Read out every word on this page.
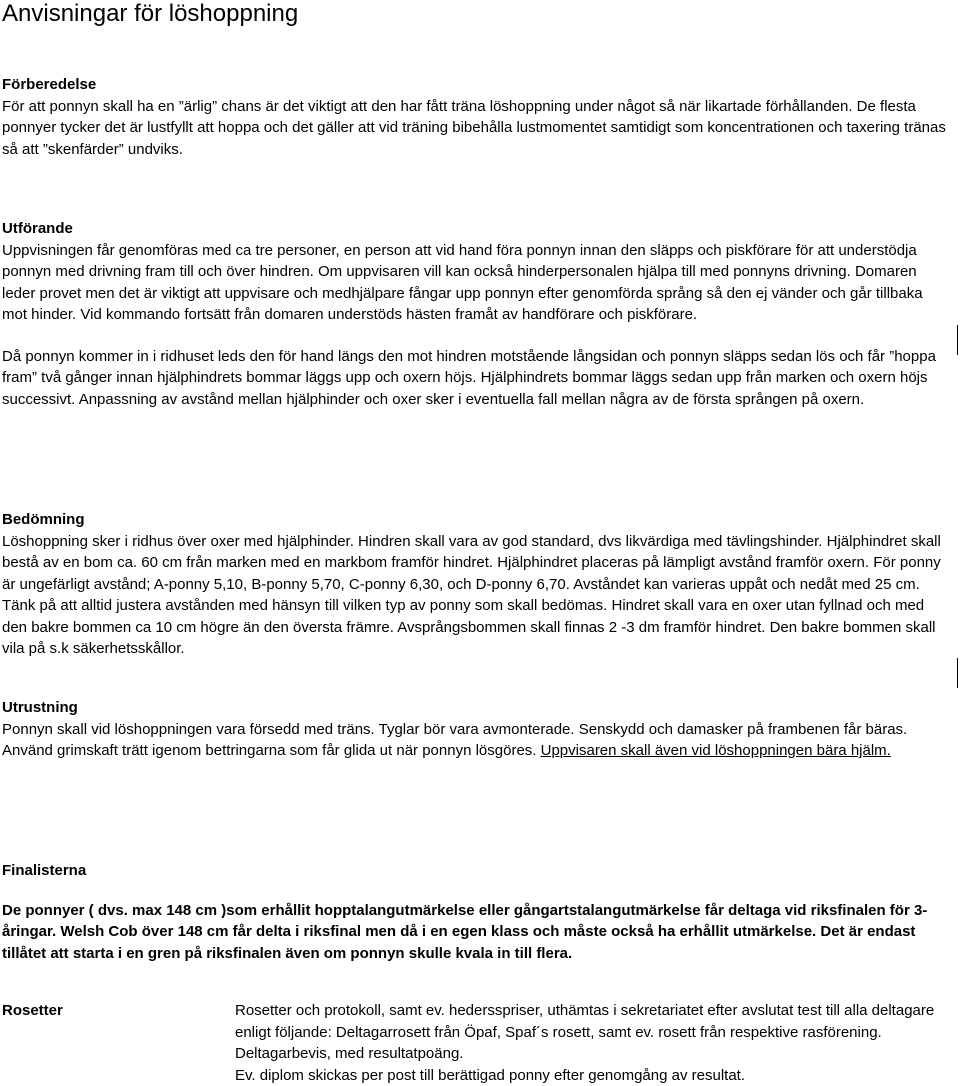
Anvisningar för löshoppning
Förberedelse

För att ponnyn skall ha en ”ärlig” chans är det viktigt att den har fått träna löshoppning under något så när likartade förhållanden. De flesta ponnyer tycker det är lustfyllt att hoppa och det gäller att vid träning bibehålla lustmomentet samtidigt som koncentrationen och taxering tränas så att ”skenfärder” undviks.

Utförande

Uppvisningen får genomföras med ca tre personer, en person att vid hand föra ponnyn innan den släpps och piskförare för att understödja ponnyn med drivning fram till och över hindren. Om uppvisaren vill kan också hinderpersonalen hjälpa till med ponnyns drivning. Domaren leder provet men det är viktigt att uppvisare och medhjälpare fångar upp ponnyn efter genomförda språng så den ej vänder och går tillbaka mot hinder. Vid kommando fortsätt från domaren understöds hästen framåt av handförare och piskförare.

Då ponnyn kommer in i ridhuset leds den för hand längs den mot hindren motstående långsidan och ponnyn släpps sedan lös och får ”hoppa fram” två gånger innan hjälphindrets bommar läggs upp och oxern höjs. Hjälphindrets bommar läggs sedan upp från marken och oxern höjs successivt. Anpassning av avstånd mellan hjälphinder och oxer sker i eventuella fall mellan några av de första sprången på oxern.

Bedömning

Löshoppning sker i ridhus över oxer med hjälphinder. Hindren skall vara av god standard, dvs likvärdiga med tävlingshinder. Hjälphindret skall bestå av en bom ca. 60 cm från marken med en markbom framför hindret. Hjälphindret placeras på lämpligt avstånd framför oxern. För ponny är ungefärligt avstånd; A-ponny 5,10, B-ponny 5,70, C-ponny 6,30, och D-ponny 6,70. Avståndet kan varieras uppåt och nedåt med 25 cm. Tänk på att alltid justera avstånden med hänsyn till vilken typ av ponny som skall bedömas. Hindret skall vara en oxer utan fyllnad och med den bakre bommen ca 10 cm högre än den översta främre. Avsprångsbommen skall finnas 2 -3 dm framför hindret. Den bakre bommen skall vila på s.k säkerhetsskållor.

Utrustning

Ponnyn skall vid löshoppningen vara försedd med träns. Tyglar bör vara avmonterade. Senskydd och damasker på frambenen får bäras. Använd grimskaft trätt igenom bettringarna som får glida ut när ponnyn lösgöres. Uppvisaren skall även vid löshoppningen bära hjälm.

Finalisterna

De ponnyer ( dvs. max 148 cm )som erhållit hopptalangutmärkelse eller gångartstalangutmärkelse får deltaga vid riksfinalen för 3-åringar. Welsh Cob över 148 cm får delta i riksfinal men då i en egen klass och måste också ha erhållit utmärkelse. Det är endast tillåtet att starta i en gren på riksfinalen även om ponnyn skulle kvala in till flera.

Rosetter	Rosetter och protokoll, samt ev. hedersspriser, uthämtas i sekretariatet efter avslutat test till alla deltagare enligt följande: Deltagarrosett från Öpaf, Spaf´s rosett, samt ev. rosett från respektive rasförening. Deltagarbevis, med resultatpoäng.

Ev. diplom skickas per post till berättigad ponny efter genomgång av resultat.
